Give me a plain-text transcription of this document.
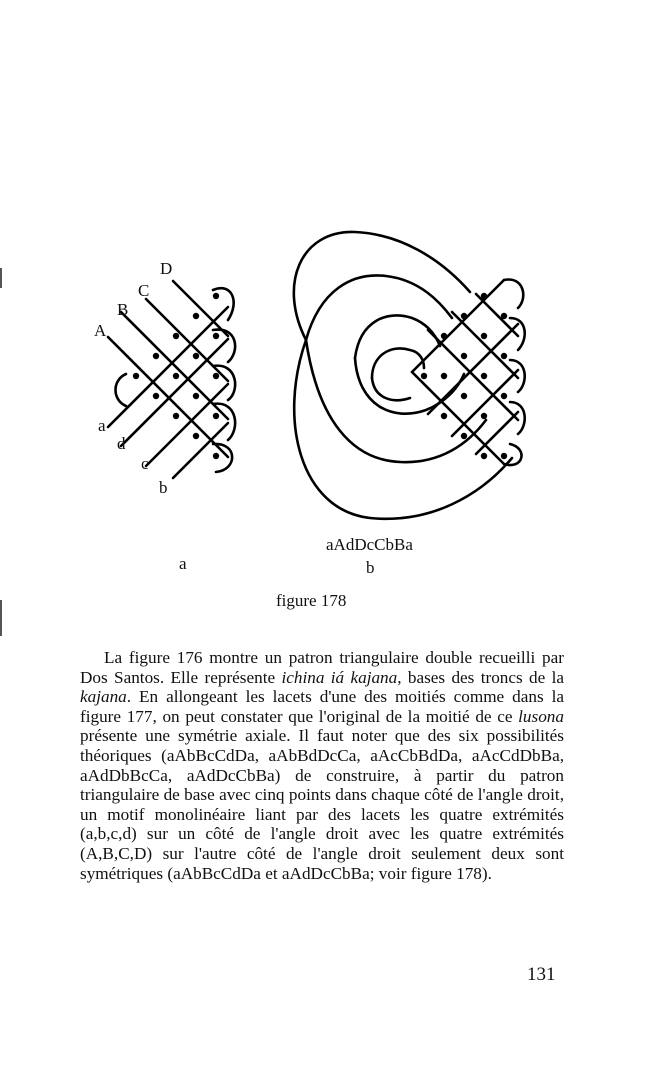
A
B
C
D
a
d
c
b
aAdDcCbBa
a	b
figure 178

La figure 176 montre un patron triangulaire double recueilli par Dos Santos. Elle représente ichina iá kajana, bases des troncs de la kajana. En allongeant les lacets d'une des moitiés comme dans la figure 177, on peut constater que l'original de la moitié de ce lusona présente une symétrie axiale. Il faut noter que des six possibilités théoriques (aAbBcCdDa, aAbBdDcCa, aAcCbBdDa, aAcCdDbBa, aAdDbBcCa, aAdDcCbBa) de construire, à partir du patron triangulaire de base avec cinq points dans chaque côté de l'angle droit, un motif monolinéaire liant par des lacets les quatre extrémités (a,b,c,d) sur un côté de l'angle droit avec les quatre extrémités (A,B,C,D) sur l'autre côté de l'angle droit seulement deux sont symétriques (aAbBcCdDa et aAdDcCbBa; voir figure 178).

131
